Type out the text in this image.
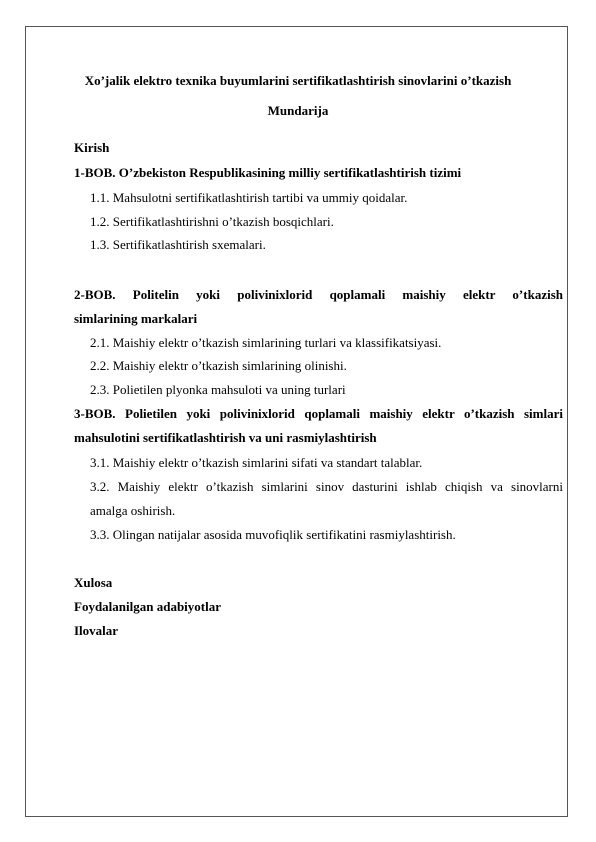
Xo’jalik elektro texnika buyumlarini sertifikatlashtirish sinovlarini o’tkazish
Mundarija
Kirish
1-BOB. O’zbekiston Respublikasining milliy sertifikatlashtirish tizimi
1.1. Mahsulotni sertifikatlashtirish tartibi va ummiy qoidalar.
1.2. Sertifikatlashtirishni o’tkazish bosqichlari.
1.3. Sertifikatlashtirish sxemalari.
2-BOB. Politelin yoki polivinixlorid qoplamali maishiy elektr o’tkazish
simlarining markalari
2.1. Maishiy elektr o’tkazish simlarining turlari va klassifikatsiyasi.
2.2. Maishiy elektr o’tkazish simlarining olinishi.
2.3. Polietilen plyonka mahsuloti va uning turlari
3-BOB. Polietilen yoki polivinixlorid qoplamali maishiy elektr o’tkazish simlari
mahsulotini sertifikatlashtirish va uni rasmiylashtirish
3.1. Maishiy elektr o’tkazish simlarini sifati va standart talablar.
3.2. Maishiy elektr o’tkazish simlarini sinov dasturini ishlab chiqish va sinovlarni
amalga oshirish.
3.3. Olingan natijalar asosida muvofiqlik sertifikatini rasmiylashtirish.
Xulosa
Foydalanilgan adabiyotlar
Ilovalar
